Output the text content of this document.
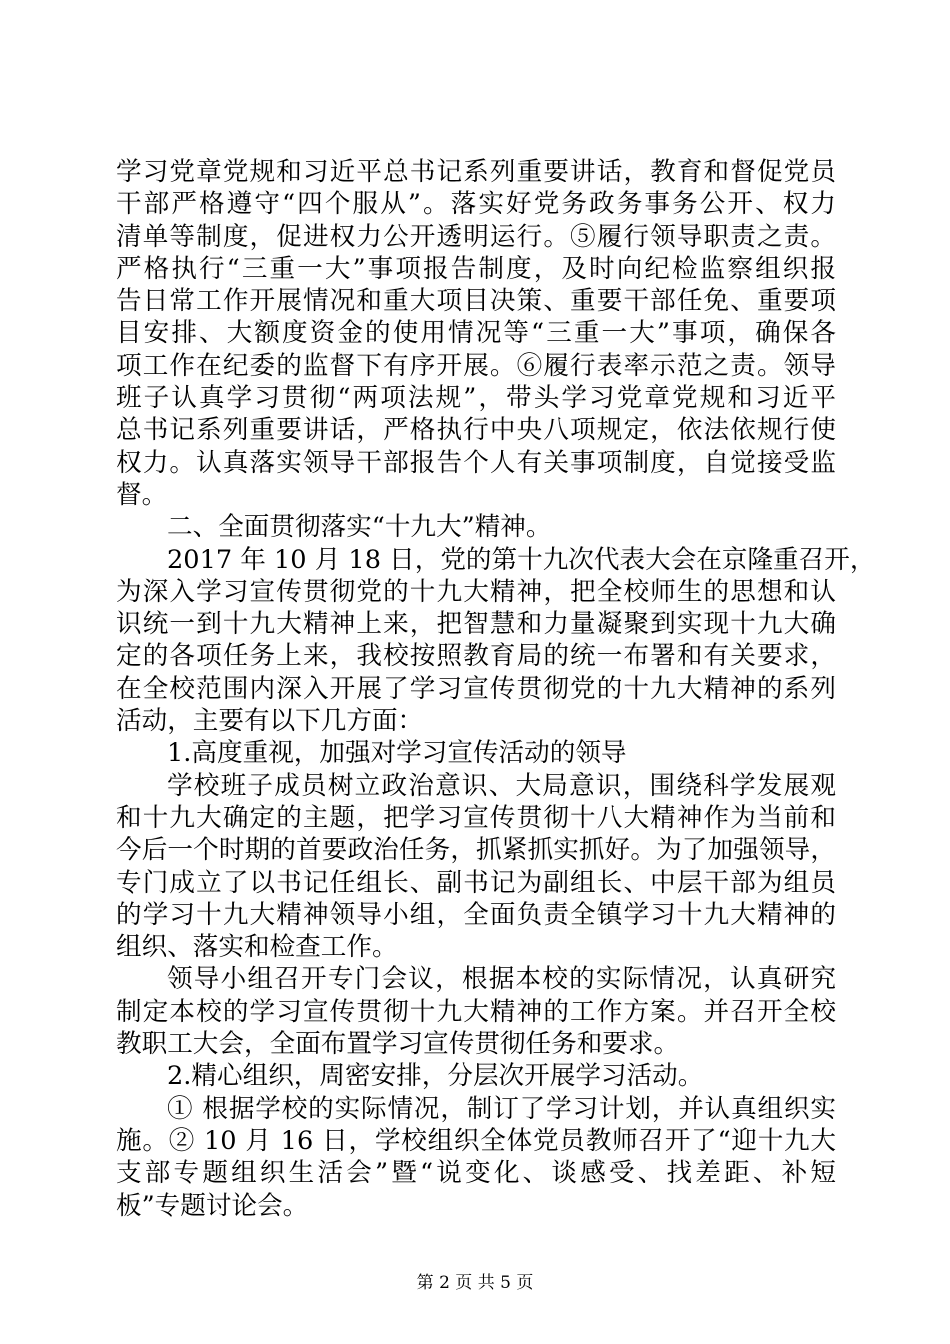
学习党章党规和习近平总书记系列重要讲话，教育和督促党员
干部严格遵守“四个服从”。落实好党务政务事务公开、权力
清单等制度，促进权力公开透明运行。⑤履行领导职责之责。
严格执行“三重一大”事项报告制度，及时向纪检监察组织报
告日常工作开展情况和重大项目决策、重要干部任免、重要项
目安排、大额度资金的使用情况等“三重一大”事项，确保各
项工作在纪委的监督下有序开展。⑥履行表率示范之责。领导
班子认真学习贯彻“两项法规”，带头学习党章党规和习近平
总书记系列重要讲话，严格执行中央八项规定，依法依规行使
权力。认真落实领导干部报告个人有关事项制度，自觉接受监
督。
二、全面贯彻落实“十九大”精神。
2017 年 10 月 18 日，党的第十九次代表大会在京隆重召开，
为深入学习宣传贯彻党的十九大精神，把全校师生的思想和认
识统一到十九大精神上来，把智慧和力量凝聚到实现十九大确
定的各项任务上来，我校按照教育局的统一布署和有关要求，
在全校范围内深入开展了学习宣传贯彻党的十九大精神的系列
活动，主要有以下几方面：
1.高度重视，加强对学习宣传活动的领导
学校班子成员树立政治意识、大局意识，围绕科学发展观
和十九大确定的主题，把学习宣传贯彻十八大精神作为当前和
今后一个时期的首要政治任务，抓紧抓实抓好。为了加强领导，
专门成立了以书记任组长、副书记为副组长、中层干部为组员
的学习十九大精神领导小组，全面负责全镇学习十九大精神的
组织、落实和检查工作。
领导小组召开专门会议，根据本校的实际情况，认真研究
制定本校的学习宣传贯彻十九大精神的工作方案。并召开全校
教职工大会，全面布置学习宣传贯彻任务和要求。
2.精心组织，周密安排，分层次开展学习活动。
① 根据学校的实际情况，制订了学习计划，并认真组织实
施。② 10 月 16 日，学校组织全体党员教师召开了“迎十九大
支部专题组织生活会”暨“说变化、谈感受、找差距、补短
板”专题讨论会。
第 2 页 共 5 页
